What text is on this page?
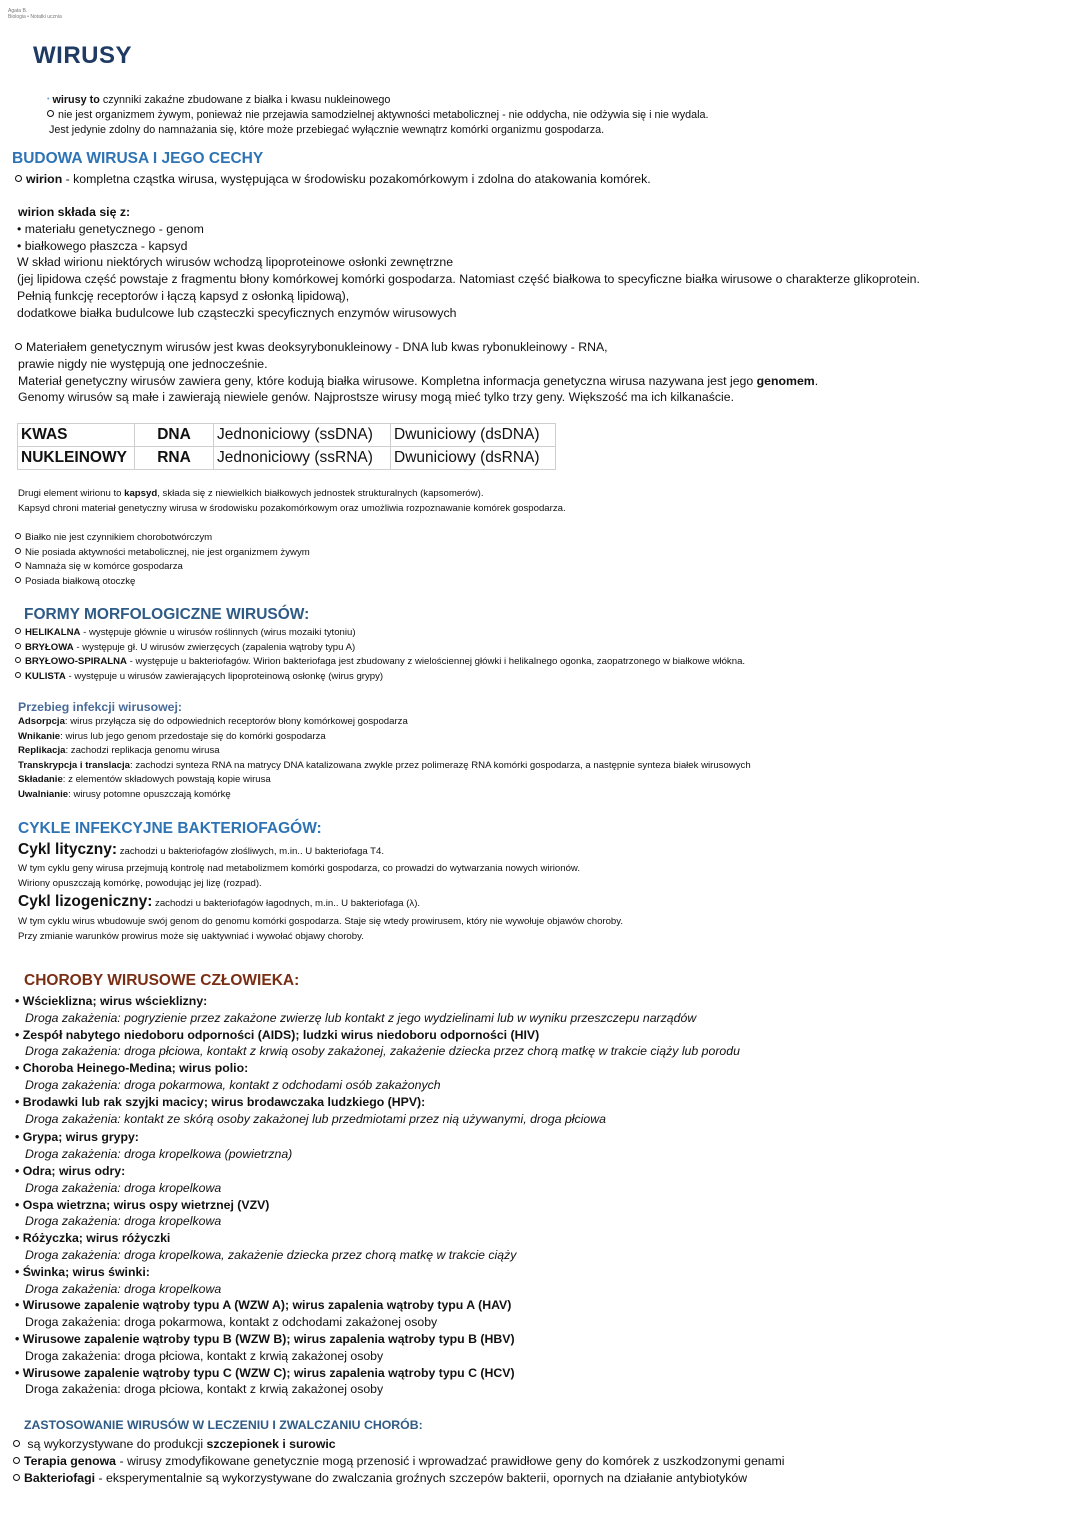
Agata B.
Biologia • Notatki ucznia
WIRUSY
• wirusy to czynniki zakaźne zbudowane z białka i kwasu nukleinowego
nie jest organizmem żywym, ponieważ nie przejawia samodzielnej aktywności metabolicznej - nie oddycha, nie odżywia się i nie wydala.
Jest jedynie zdolny do namnażania się, które może przebiegać wyłącznie wewnątrz komórki organizmu gospodarza.
BUDOWA WIRUSA I JEGO CECHY
wirion - kompletna cząstka wirusa, występująca w środowisku pozakomórkowym i zdolna do atakowania komórek.
wirion składa się z:
• materiału genetycznego - genom
• białkowego płaszcza - kapsyd
W skład wirionu niektórych wirusów wchodzą lipoproteinowe osłonki zewnętrzne
(jej lipidowa część powstaje z fragmentu błony komórkowej komórki gospodarza. Natomiast część białkowa to specyficzne białka wirusowe o charakterze glikoprotein.
Pełnią funkcję receptorów i łączą kapsyd z osłonką lipidową),
dodatkowe białka budulcowe lub cząsteczki specyficznych enzymów wirusowych
Materiałem genetycznym wirusów jest kwas deoksyrybonukleinowy - DNA lub kwas rybonukleinowy - RNA,
prawie nigdy nie występują one jednocześnie.
Materiał genetyczny wirusów zawiera geny, które kodują białka wirusowe. Kompletna informacja genetyczna wirusa nazywana jest jego genomem.
Genomy wirusów są małe i zawierają niewiele genów. Najprostsze wirusy mogą mieć tylko trzy geny. Większość ma ich kilkanaście.
KWAS	DNA	Jednoniciowy (ssDNA)	Dwuniciowy (dsDNA)
NUKLEINOWY	RNA	Jednoniciowy (ssRNA)	Dwuniciowy (dsRNA)
Drugi element wirionu to kapsyd, składa się z niewielkich białkowych jednostek strukturalnych (kapsomerów).
Kapsyd chroni materiał genetyczny wirusa w środowisku pozakomórkowym oraz umożliwia rozpoznawanie komórek gospodarza.
Białko nie jest czynnikiem chorobotwórczym
Nie posiada aktywności metabolicznej, nie jest organizmem żywym
Namnaża się w komórce gospodarza
Posiada białkową otoczkę
FORMY MORFOLOGICZNE WIRUSÓW:
HELIKALNA - występuje głównie u wirusów roślinnych (wirus mozaiki tytoniu)
BRYŁOWA - występuje gł. U wirusów zwierzęcych (zapalenia wątroby typu A)
BRYŁOWO-SPIRALNA - występuje u bakteriofagów. Wirion bakteriofaga jest zbudowany z wielościennej główki i helikalnego ogonka, zaopatrzonego w białkowe włókna.
KULISTA - występuje u wirusów zawierających lipoproteinową osłonkę (wirus grypy)
Przebieg infekcji wirusowej:
Adsorpcja: wirus przyłącza się do odpowiednich receptorów błony komórkowej gospodarza
Wnikanie: wirus lub jego genom przedostaje się do komórki gospodarza
Replikacja: zachodzi replikacja genomu wirusa
Transkrypcja i translacja: zachodzi synteza RNA na matrycy DNA katalizowana zwykle przez polimerazę RNA komórki gospodarza, a następnie synteza białek wirusowych
Składanie: z elementów składowych powstają kopie wirusa
Uwalnianie: wirusy potomne opuszczają komórkę
CYKLE INFEKCYJNE BAKTERIOFAGÓW:
Cykl lityczny: zachodzi u bakteriofagów złośliwych, m.in.. U bakteriofaga T4.
W tym cyklu geny wirusa przejmują kontrolę nad metabolizmem komórki gospodarza, co prowadzi do wytwarzania nowych wirionów.
Wiriony opuszczają komórkę, powodując jej lizę (rozpad).
Cykl lizogeniczny: zachodzi u bakteriofagów łagodnych, m.in.. U bakteriofaga (λ).
W tym cyklu wirus wbudowuje swój genom do genomu komórki gospodarza. Staje się wtedy prowirusem, który nie wywołuje objawów choroby.
Przy zmianie warunków prowirus może się uaktywniać i wywołać objawy choroby.
CHOROBY WIRUSOWE CZŁOWIEKA:
• Wścieklizna; wirus wścieklizny:
Droga zakażenia: pogryzienie przez zakażone zwierzę lub kontakt z jego wydzielinami lub w wyniku przeszczepu narządów
• Zespół nabytego niedoboru odporności (AIDS); ludzki wirus niedoboru odporności (HIV)
Droga zakażenia: droga płciowa, kontakt z krwią osoby zakażonej, zakażenie dziecka przez chorą matkę w trakcie ciąży lub porodu
• Choroba Heinego-Medina; wirus polio:
Droga zakażenia: droga pokarmowa, kontakt z odchodami osób zakażonych
• Brodawki lub rak szyjki macicy; wirus brodawczaka ludzkiego (HPV):
Droga zakażenia: kontakt ze skórą osoby zakażonej lub przedmiotami przez nią używanymi, droga płciowa
• Grypa; wirus grypy:
Droga zakażenia: droga kropelkowa (powietrzna)
• Odra; wirus odry:
Droga zakażenia: droga kropelkowa
• Ospa wietrzna; wirus ospy wietrznej (VZV)
Droga zakażenia: droga kropelkowa
• Różyczka; wirus różyczki
Droga zakażenia: droga kropelkowa, zakażenie dziecka przez chorą matkę w trakcie ciąży
• Świnka; wirus świnki:
Droga zakażenia: droga kropelkowa
• Wirusowe zapalenie wątroby typu A (WZW A); wirus zapalenia wątroby typu A (HAV)
Droga zakażenia: droga pokarmowa, kontakt z odchodami zakażonej osoby
• Wirusowe zapalenie wątroby typu B (WZW B); wirus zapalenia wątroby typu B (HBV)
Droga zakażenia: droga płciowa, kontakt z krwią zakażonej osoby
• Wirusowe zapalenie wątroby typu C (WZW C); wirus zapalenia wątroby typu C (HCV)
Droga zakażenia: droga płciowa, kontakt z krwią zakażonej osoby
ZASTOSOWANIE WIRUSÓW W LECZENIU I ZWALCZANIU CHORÓB:
są wykorzystywane do produkcji szczepionek i surowic
Terapia genowa - wirusy zmodyfikowane genetycznie mogą przenosić i wprowadzać prawidłowe geny do komórek z uszkodzonymi genami
Bakteriofagi - eksperymentalnie są wykorzystywane do zwalczania groźnych szczepów bakterii, opornych na działanie antybiotyków
